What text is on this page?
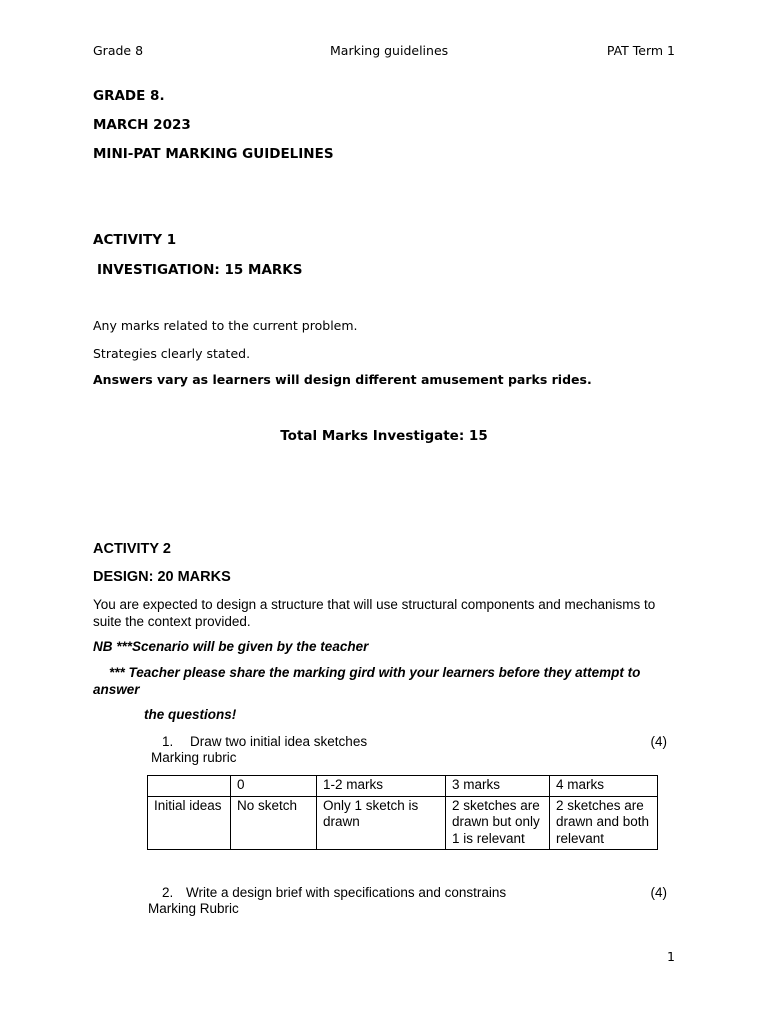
Grade 8	Marking guidelines	PAT Term 1
GRADE 8.
MARCH 2023
MINI-PAT MARKING GUIDELINES
ACTIVITY 1
INVESTIGATION: 15 MARKS
Any marks related to the current problem.
Strategies clearly stated.
Answers vary as learners will design different amusement parks rides.
Total Marks Investigate: 15
ACTIVITY 2
DESIGN: 20 MARKS
You are expected to design a structure that will use structural components and mechanisms to suite the context provided.
NB ***Scenario will be given by the teacher
*** Teacher please share the marking gird with your learners before they attempt to answer
the questions!
1. Draw two initial idea sketches	(4)
Marking rubric
	0	1-2 marks	3 marks	4 marks
Initial ideas	No sketch	Only 1 sketch is drawn	2 sketches are drawn but only 1 is relevant	2 sketches are drawn and both relevant
2. Write a design brief with specifications and constrains	(4)
Marking Rubric
1
